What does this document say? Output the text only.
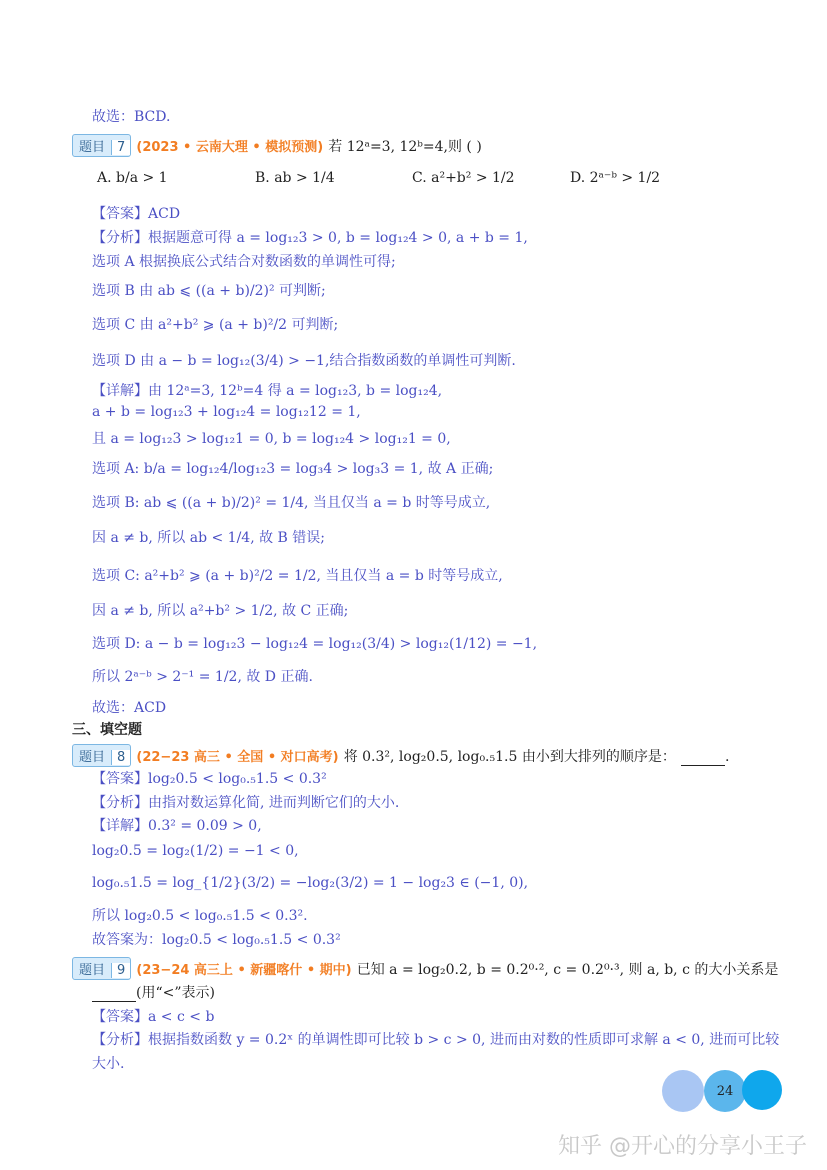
故选：BCD.
题目 7 (2023 • 云南大理 • 模拟预测) 若 12ᵃ=3, 12ᵇ=4,则 ( )
A. b/a > 1	B. ab > 1/4	C. a²+b² > 1/2	D. 2ᵃ⁻ᵇ > 1/2
【答案】ACD
【分析】根据题意可得 a = log₁₂3 > 0, b = log₁₂4 > 0, a + b = 1,
选项 A 根据换底公式结合对数函数的单调性可得;
选项 B 由 ab ⩽ ((a + b)/2)² 可判断;
选项 C 由 a²+b² ⩾ (a + b)²/2 可判断;
选项 D 由 a − b = log₁₂(3/4) > −1,结合指数函数的单调性可判断.
【详解】由 12ᵃ=3, 12ᵇ=4 得 a = log₁₂3, b = log₁₂4,
a + b = log₁₂3 + log₁₂4 = log₁₂12 = 1,
且 a = log₁₂3 > log₁₂1 = 0, b = log₁₂4 > log₁₂1 = 0,
选项 A: b/a = log₁₂4/log₁₂3 = log₃4 > log₃3 = 1, 故 A 正确;
选项 B: ab ⩽ ((a + b)/2)² = 1/4, 当且仅当 a = b 时等号成立,
因 a ≠ b, 所以 ab < 1/4, 故 B 错误;
选项 C: a²+b² ⩾ (a + b)²/2 = 1/2, 当且仅当 a = b 时等号成立,
因 a ≠ b, 所以 a²+b² > 1/2, 故 C 正确;
选项 D: a − b = log₁₂3 − log₁₂4 = log₁₂(3/4) > log₁₂(1/12) = −1,
所以 2ᵃ⁻ᵇ > 2⁻¹ = 1/2, 故 D 正确.
故选：ACD
三、填空题
题目 8 (22−23 高三 • 全国 • 对口高考) 将 0.3², log₂0.5, log₀.₅1.5 由小到大排列的顺序是：	.
【答案】log₂0.5 < log₀.₅1.5 < 0.3²
【分析】由指对数运算化简, 进而判断它们的大小.
【详解】0.3² = 0.09 > 0,
log₂0.5 = log₂(1/2) = −1 < 0,
log₀.₅1.5 = log_{1/2}(3/2) = −log₂(3/2) = 1 − log₂3 ∈ (−1, 0),
所以 log₂0.5 < log₀.₅1.5 < 0.3².
故答案为：log₂0.5 < log₀.₅1.5 < 0.3²
题目 9 (23−24 高三上 • 新疆喀什 • 期中) 已知 a = log₂0.2, b = 0.2⁰·², c = 0.2⁰·³, 则 a, b, c 的大小关系是
(用“<”表示)
【答案】a < c < b
【分析】根据指数函数 y = 0.2ˣ 的单调性即可比较 b > c > 0, 进而由对数的性质即可求解 a < 0, 进而可比较
大小.
24
知乎 @开心的分享小王子
